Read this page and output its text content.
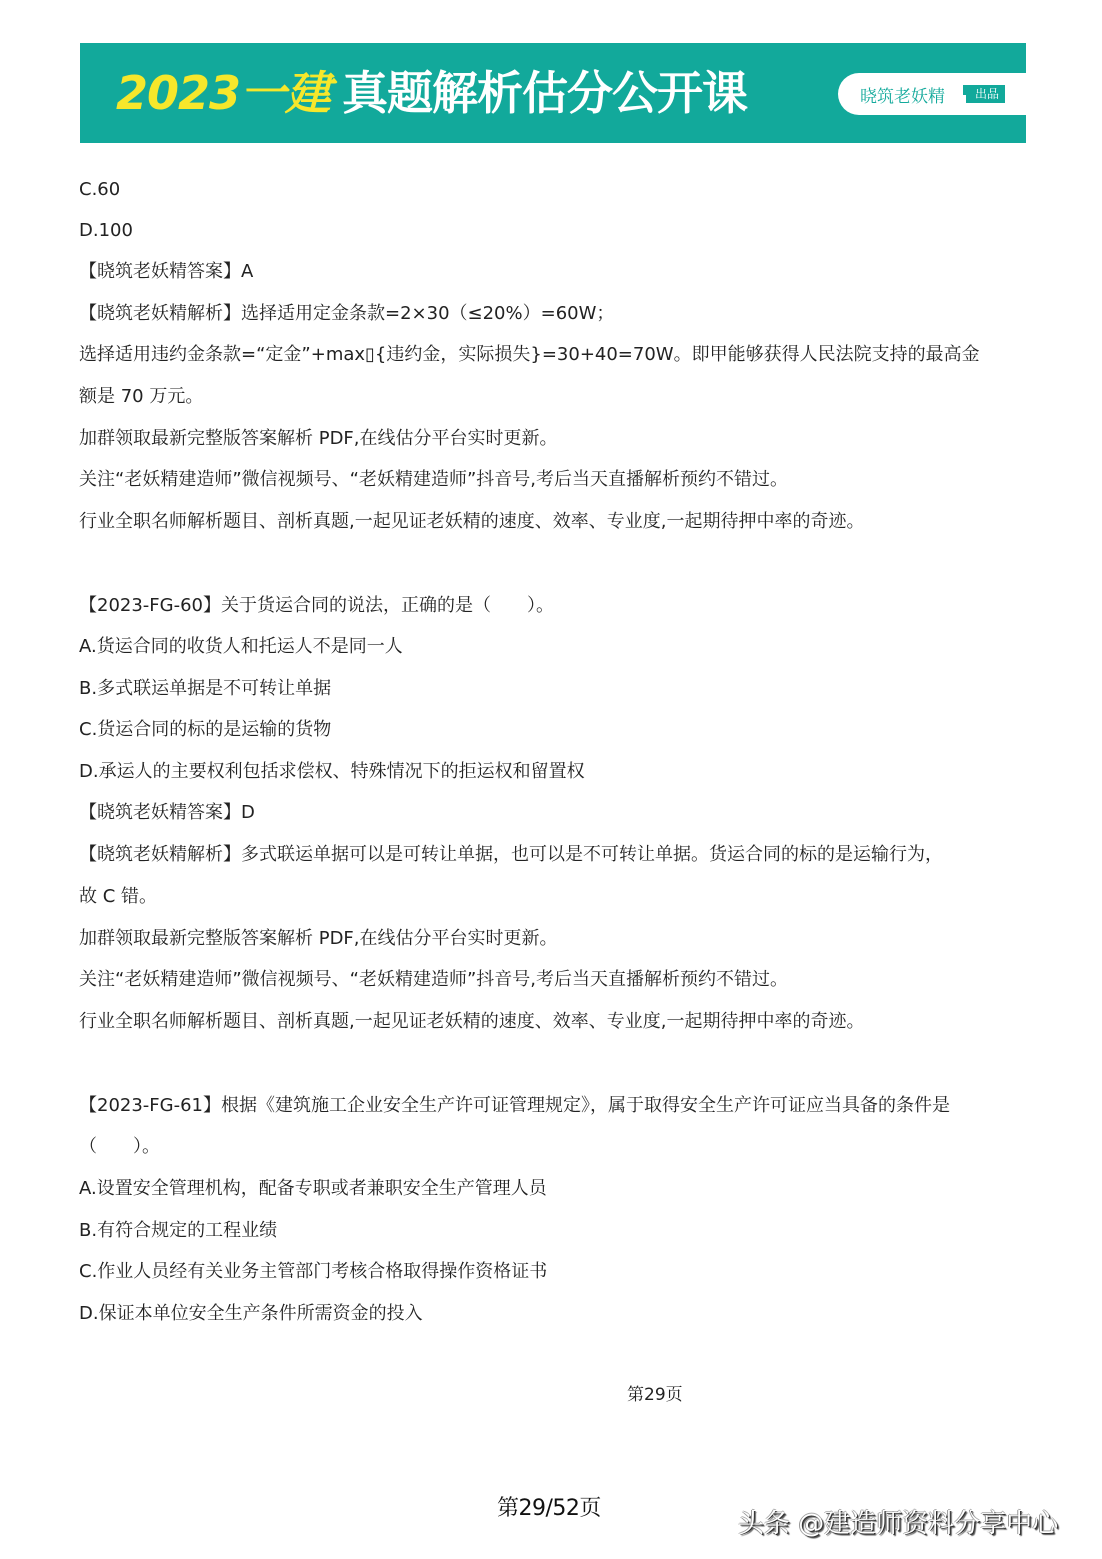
2023一建 真题解析估分公开课	晓筑老妖精	出品
C.60
D.100
【晓筑老妖精答案】A
【晓筑老妖精解析】选择适用定金条款=2×30（≤20%）=60W；
选择适用违约金条款=“定金”+max▯{违约金，实际损失}=30+40=70W。即甲能够获得人民法院支持的最高金
额是 70 万元。
加群领取最新完整版答案解析 PDF,在线估分平台实时更新。
关注“老妖精建造师”微信视频号、“老妖精建造师”抖音号,考后当天直播解析预约不错过。
行业全职名师解析题目、剖析真题,一起见证老妖精的速度、效率、专业度,一起期待押中率的奇迹。
【2023-FG-60】关于货运合同的说法，正确的是（　　）。
A.货运合同的收货人和托运人不是同一人
B.多式联运单据是不可转让单据
C.货运合同的标的是运输的货物
D.承运人的主要权利包括求偿权、特殊情况下的拒运权和留置权
【晓筑老妖精答案】D
【晓筑老妖精解析】多式联运单据可以是可转让单据，也可以是不可转让单据。货运合同的标的是运输行为，
故 C 错。
加群领取最新完整版答案解析 PDF,在线估分平台实时更新。
关注“老妖精建造师”微信视频号、“老妖精建造师”抖音号,考后当天直播解析预约不错过。
行业全职名师解析题目、剖析真题,一起见证老妖精的速度、效率、专业度,一起期待押中率的奇迹。
【2023-FG-61】根据《建筑施工企业安全生产许可证管理规定》，属于取得安全生产许可证应当具备的条件是
（　　）。
A.设置安全管理机构，配备专职或者兼职安全生产管理人员
B.有符合规定的工程业绩
C.作业人员经有关业务主管部门考核合格取得操作资格证书
D.保证本单位安全生产条件所需资金的投入
第29页
第29/52页
头条 @建造师资料分享中心
